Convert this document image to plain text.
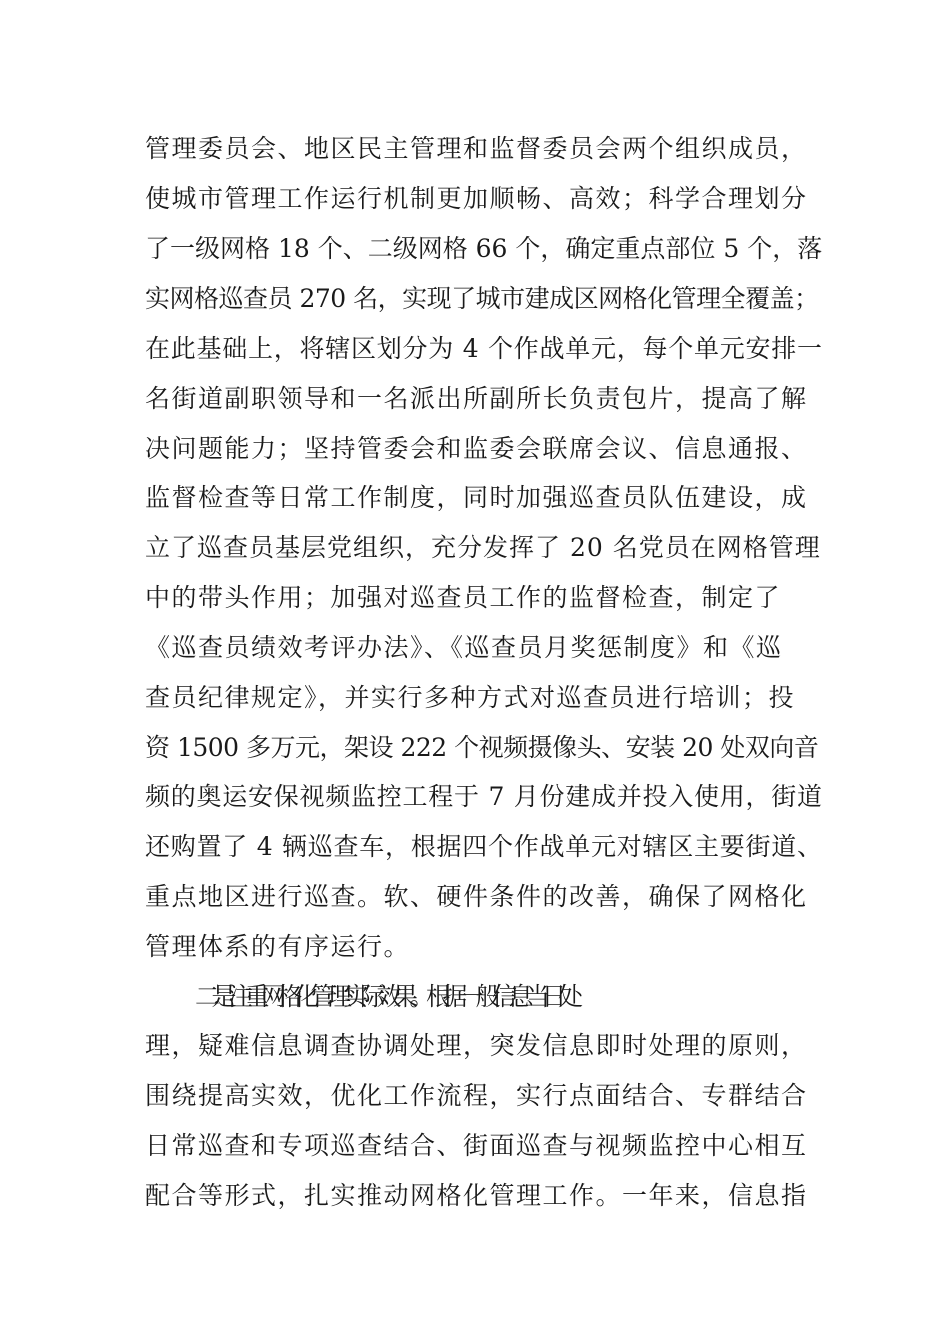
管理委员会、地区民主管理和监督委员会两个组织成员，
使城市管理工作运行机制更加顺畅、高效；科学合理划分
了一级网格 18 个、二级网格 66 个，确定重点部位 5 个，落
实网格巡查员 270 名，实现了城市建成区网格化管理全覆盖；
在此基础上，将辖区划分为 4 个作战单元，每个单元安排一
名街道副职领导和一名派出所副所长负责包片，提高了解
决问题能力；坚持管委会和监委会联席会议、信息通报、
监督检查等日常工作制度，同时加强巡查员队伍建设，成
立了巡查员基层党组织，充分发挥了 20 名党员在网格管理
中的带头作用；加强对巡查员工作的监督检查，制定了
《巡查员绩效考评办法》、《巡查员月奖惩制度》和《巡
查员纪律规定》，并实行多种方式对巡查员进行培训；投
资 1500 多万元，架设 222 个视频摄像头、安装 20 处双向音
频的奥运安保视频监控工程于 7 月份建成并投入使用，街道
还购置了 4 辆巡查车，根据四个作战单元对辖区主要街道、
重点地区进行巡查。软、硬件条件的改善，确保了网格化
管理体系的有序运行。
二是注重网格化管理实际效果。根据一般信息当日处
理，疑难信息调查协调处理，突发信息即时处理的原则，
围绕提高实效，优化工作流程，实行点面结合、专群结合
日常巡查和专项巡查结合、街面巡查与视频监控中心相互
配合等形式，扎实推动网格化管理工作。一年来，信息指
